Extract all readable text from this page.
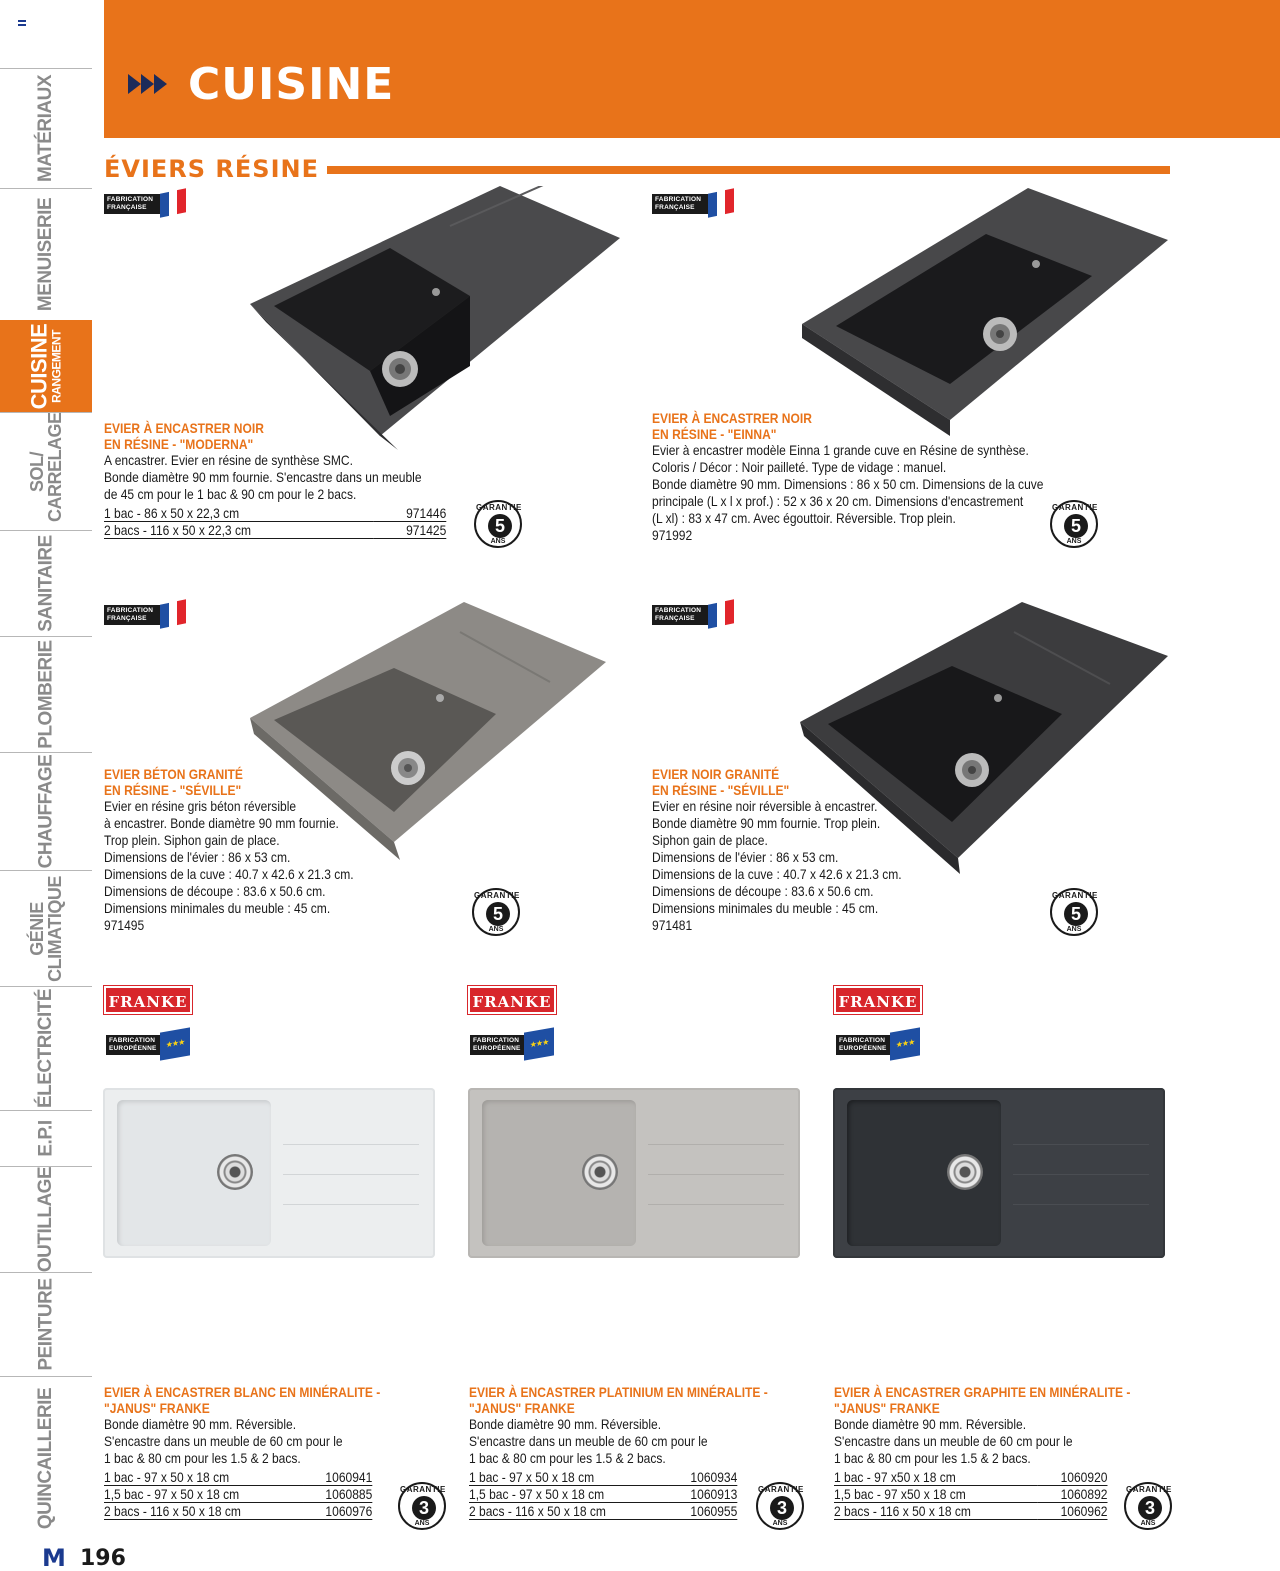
MATÉRIAUX
MENUISERIE
CUISINE
RANGEMENT
SOL/ CARRELAGE
SANITAIRE
PLOMBERIE
CHAUFFAGE
GÉNIE CLIMATIQUE
ÉLECTRICITÉ
E.P.I
OUTILLAGE
PEINTURE
QUINCAILLERIE
CUISINE
ÉVIERS RÉSINE
FABRICATION FRANÇAISE
EVIER À ENCASTRER NOIR
EN RÉSINE - "MODERNA"
A encastrer. Evier en résine de synthèse SMC.
Bonde diamètre 90 mm fournie. S'encastre dans un meuble
de 45 cm pour le 1 bac & 90 cm pour le 2 bacs.
1 bac - 86 x 50 x 22,3 cm	971446
2 bacs - 116 x 50 x 22,3 cm	971425
GARANTIE
5
ANS
FABRICATION FRANÇAISE
EVIER À ENCASTRER NOIR
EN RÉSINE - "EINNA"
Evier à encastrer modèle Einna 1 grande cuve en Résine de synthèse.
Coloris / Décor : Noir pailleté. Type de vidage : manuel.
Bonde diamètre 90 mm. Dimensions : 86 x 50 cm. Dimensions de la cuve
principale (L x l x prof.) : 52 x 36 x 20 cm. Dimensions d'encastrement
(L xl) : 83 x 47 cm. Avec égouttoir. Réversible. Trop plein.
971992
GARANTIE
5
ANS
FABRICATION FRANÇAISE
EVIER BÉTON GRANITÉ
EN RÉSINE - "SÉVILLE"
Evier en résine gris béton réversible
à encastrer. Bonde diamètre 90 mm fournie.
Trop plein. Siphon gain de place.
Dimensions de l'évier : 86 x 53 cm.
Dimensions de la cuve : 40.7 x 42.6 x 21.3 cm.
Dimensions de découpe : 83.6 x 50.6 cm.
Dimensions minimales du meuble : 45 cm.
971495
GARANTIE
5
ANS
FABRICATION FRANÇAISE
EVIER NOIR GRANITÉ
EN RÉSINE - "SÉVILLE"
Evier en résine noir réversible à encastrer.
Bonde diamètre 90 mm fournie. Trop plein.
Siphon gain de place.
Dimensions de l'évier : 86 x 53 cm.
Dimensions de la cuve : 40.7 x 42.6 x 21.3 cm.
Dimensions de découpe : 83.6 x 50.6 cm.
Dimensions minimales du meuble : 45 cm.
971481
GARANTIE
5
ANS
FRANKE	FRANKE	FRANKE
FABRICATION EUROPÉENNE	★★★	FABRICATION EUROPÉENNE	★★★	FABRICATION EUROPÉENNE	★★★
EVIER À ENCASTRER BLANC EN MINÉRALITE -
"JANUS" FRANKE
Bonde diamètre 90 mm. Réversible.
S'encastre dans un meuble de 60 cm pour le
1 bac & 80 cm pour les 1.5 & 2 bacs.
1 bac - 97 x 50 x 18 cm	1060941
1,5 bac - 97 x 50 x 18 cm	1060885
2 bacs - 116 x 50 x 18 cm	1060976
GARANTIE
3
ANS
EVIER À ENCASTRER PLATINIUM EN MINÉRALITE -
"JANUS" FRANKE
Bonde diamètre 90 mm. Réversible.
S'encastre dans un meuble de 60 cm pour le
1 bac & 80 cm pour les 1.5 & 2 bacs.
1 bac - 97 x 50 x 18 cm	1060934
1,5 bac - 97 x 50 x 18 cm	1060913
2 bacs - 116 x 50 x 18 cm	1060955
GARANTIE
3
ANS
EVIER À ENCASTRER GRAPHITE EN MINÉRALITE -
"JANUS" FRANKE
Bonde diamètre 90 mm. Réversible.
S'encastre dans un meuble de 60 cm pour le
1 bac & 80 cm pour les 1.5 & 2 bacs.
1 bac - 97 x50 x 18 cm	1060920
1,5 bac - 97 x50 x 18 cm	1060892
2 bacs - 116 x 50 x 18 cm	1060962
GARANTIE
3
ANS
M 196
